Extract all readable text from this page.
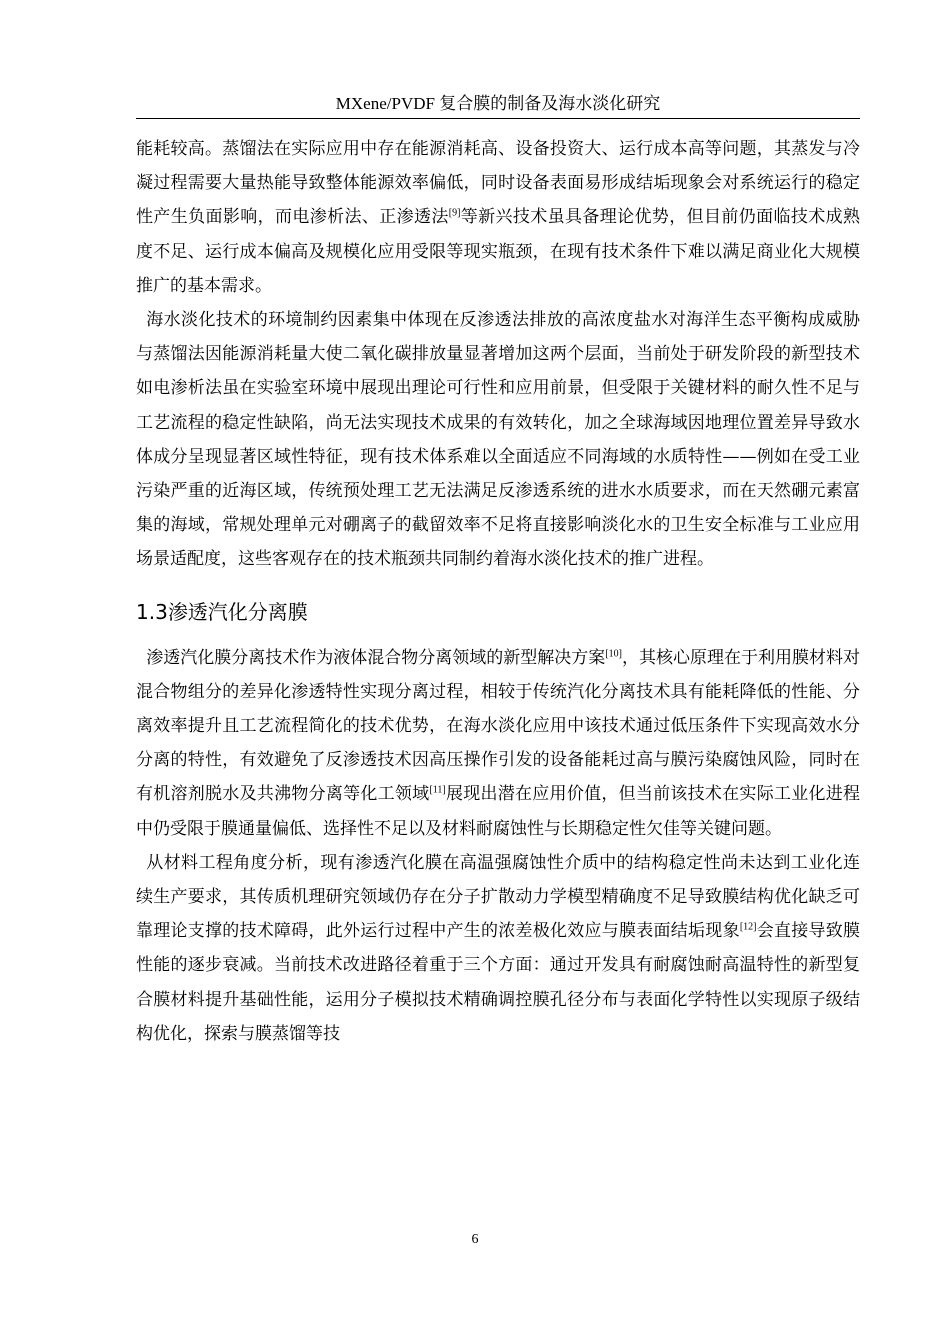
MXene/PVDF 复合膜的制备及海水淡化研究

能耗较高。蒸馏法在实际应用中存在能源消耗高、设备投资大、运行成本高等问题，其蒸发与冷凝过程需要大量热能导致整体能源效率偏低，同时设备表面易形成结垢现象会对系统运行的稳定性产生负面影响，而电渗析法、正渗透法[9]等新兴技术虽具备理论优势，但目前仍面临技术成熟度不足、运行成本偏高及规模化应用受限等现实瓶颈，在现有技术条件下难以满足商业化大规模推广的基本需求。

海水淡化技术的环境制约因素集中体现在反渗透法排放的高浓度盐水对海洋生态平衡构成威胁与蒸馏法因能源消耗量大使二氧化碳排放量显著增加这两个层面，当前处于研发阶段的新型技术如电渗析法虽在实验室环境中展现出理论可行性和应用前景，但受限于关键材料的耐久性不足与工艺流程的稳定性缺陷，尚无法实现技术成果的有效转化，加之全球海域因地理位置差异导致水体成分呈现显著区域性特征，现有技术体系难以全面适应不同海域的水质特性——例如在受工业污染严重的近海区域，传统预处理工艺无法满足反渗透系统的进水水质要求，而在天然硼元素富集的海域，常规处理单元对硼离子的截留效率不足将直接影响淡化水的卫生安全标准与工业应用场景适配度，这些客观存在的技术瓶颈共同制约着海水淡化技术的推广进程。

1.3渗透汽化分离膜

渗透汽化膜分离技术作为液体混合物分离领域的新型解决方案[10]，其核心原理在于利用膜材料对混合物组分的差异化渗透特性实现分离过程，相较于传统汽化分离技术具有能耗降低的性能、分离效率提升且工艺流程简化的技术优势，在海水淡化应用中该技术通过低压条件下实现高效水分分离的特性，有效避免了反渗透技术因高压操作引发的设备能耗过高与膜污染腐蚀风险，同时在有机溶剂脱水及共沸物分离等化工领域[11]展现出潜在应用价值，但当前该技术在实际工业化进程中仍受限于膜通量偏低、选择性不足以及材料耐腐蚀性与长期稳定性欠佳等关键问题。

从材料工程角度分析，现有渗透汽化膜在高温强腐蚀性介质中的结构稳定性尚未达到工业化连续生产要求，其传质机理研究领域仍存在分子扩散动力学模型精确度不足导致膜结构优化缺乏可靠理论支撑的技术障碍，此外运行过程中产生的浓差极化效应与膜表面结垢现象[12]会直接导致膜性能的逐步衰减。当前技术改进路径着重于三个方面：通过开发具有耐腐蚀耐高温特性的新型复合膜材料提升基础性能，运用分子模拟技术精确调控膜孔径分布与表面化学特性以实现原子级结构优化，探索与膜蒸馏等技

6
